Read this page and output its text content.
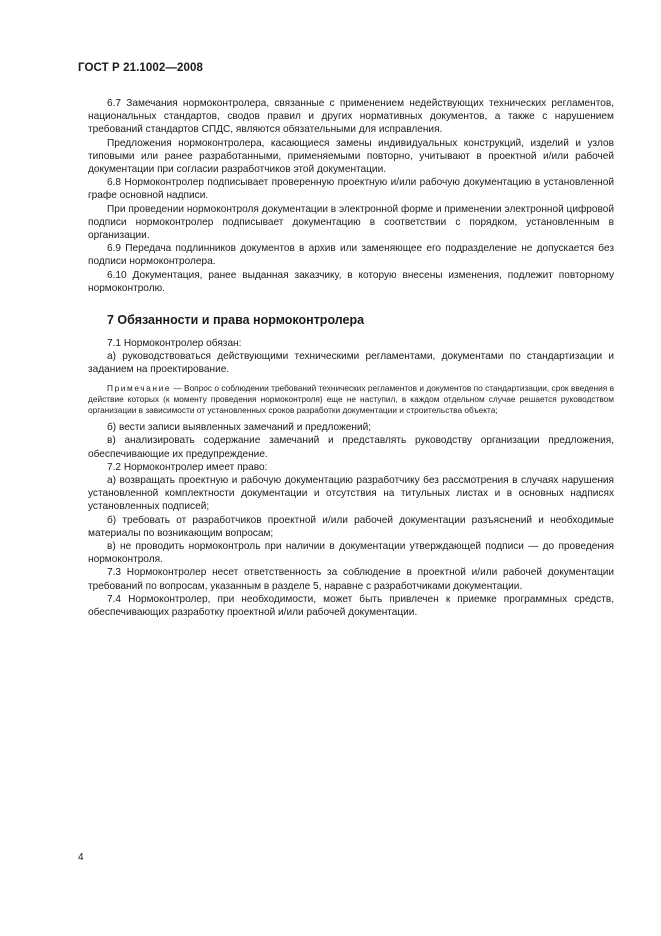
ГОСТ Р 21.1002—2008

6.7 Замечания нормоконтролера, связанные с применением недействующих технических регламентов, национальных стандартов, сводов правил и других нормативных документов, а также с нарушением требований стандартов СПДС, являются обязательными для исправления.

Предложения нормоконтролера, касающиеся замены индивидуальных конструкций, изделий и узлов типовыми или ранее разработанными, применяемыми повторно, учитывают в проектной и/или рабочей документации при согласии разработчиков этой документации.

6.8 Нормоконтролер подписывает проверенную проектную и/или рабочую документацию в установленной графе основной надписи.

При проведении нормоконтроля документации в электронной форме и применении электронной цифровой подписи нормоконтролер подписывает документацию в соответствии с порядком, установленным в организации.

6.9 Передача подлинников документов в архив или заменяющее его подразделение не допускается без подписи нормоконтролера.

6.10 Документация, ранее выданная заказчику, в которую внесены изменения, подлежит повторному нормоконтролю.

7 Обязанности и права нормоконтролера

7.1 Нормоконтролер обязан:

а) руководствоваться действующими техническими регламентами, документами по стандартизации и заданием на проектирование.

Примечание — Вопрос о соблюдении требований технических регламентов и документов по стандартизации, срок введения в действие которых (к моменту проведения нормоконтроля) еще не наступил, в каждом отдельном случае решается руководством организации в зависимости от установленных сроков разработки документации и строительства объекта;

б) вести записи выявленных замечаний и предложений;

в) анализировать содержание замечаний и представлять руководству организации предложения, обеспечивающие их предупреждение.

7.2 Нормоконтролер имеет право:

а) возвращать проектную и рабочую документацию разработчику без рассмотрения в случаях нарушения установленной комплектности документации и отсутствия на титульных листах и в основных надписях установленных подписей;

б) требовать от разработчиков проектной и/или рабочей документации разъяснений и необходимые материалы по возникающим вопросам;

в) не проводить нормоконтроль при наличии в документации утверждающей подписи — до проведения нормоконтроля.

7.3 Нормоконтролер несет ответственность за соблюдение в проектной и/или рабочей документации требований по вопросам, указанным в разделе 5, наравне с разработчиками документации.

7.4 Нормоконтролер, при необходимости, может быть привлечен к приемке программных средств, обеспечивающих разработку проектной и/или рабочей документации.

4
